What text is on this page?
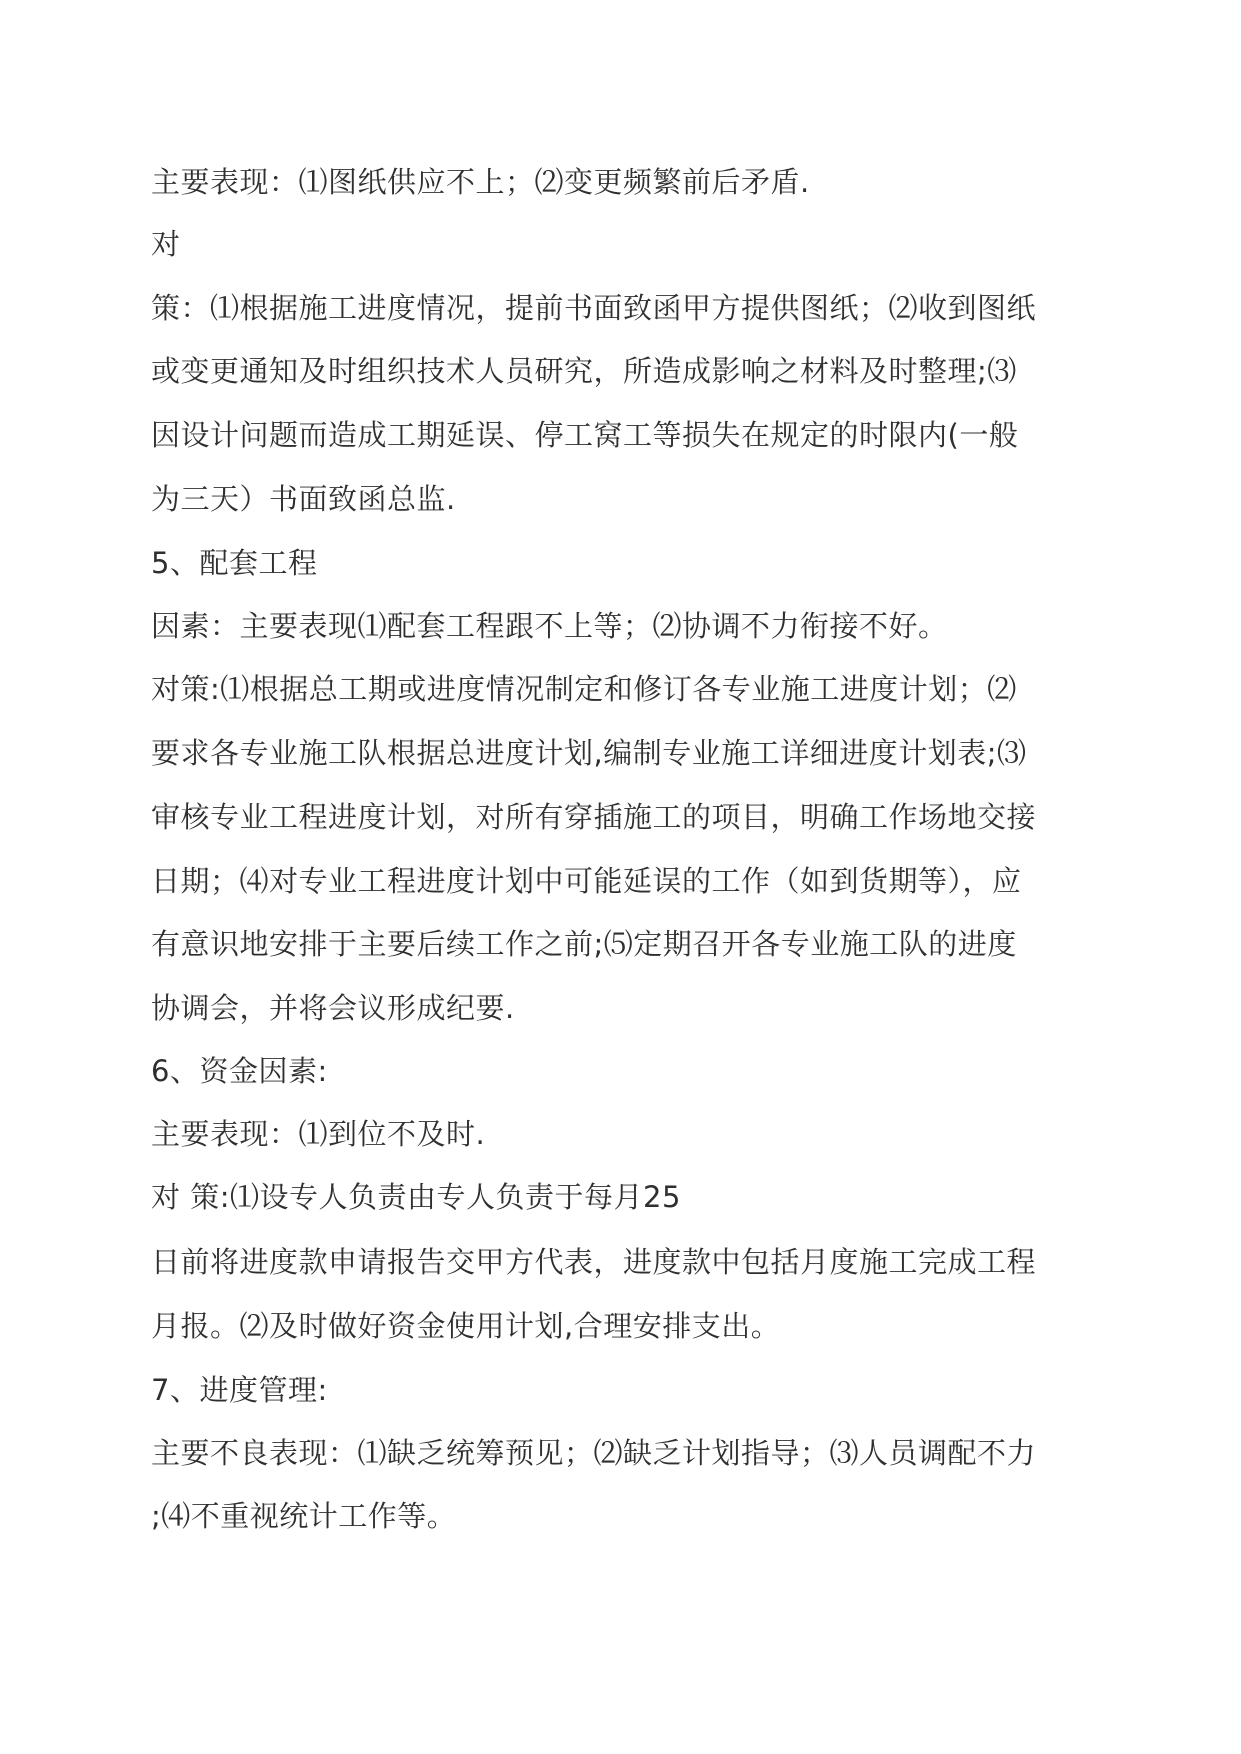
主要表现：⑴图纸供应不上；⑵变更频繁前后矛盾.
对
策：⑴根据施工进度情况，提前书面致函甲方提供图纸；⑵收到图纸
或变更通知及时组织技术人员研究，所造成影响之材料及时整理;⑶
因设计问题而造成工期延误、停工窝工等损失在规定的时限内(一般
为三天）书面致函总监.
5、配套工程
因素：主要表现⑴配套工程跟不上等；⑵协调不力衔接不好。
对策:⑴根据总工期或进度情况制定和修订各专业施工进度计划；⑵
要求各专业施工队根据总进度计划,编制专业施工详细进度计划表;⑶
审核专业工程进度计划，对所有穿插施工的项目，明确工作场地交接
日期；⑷对专业工程进度计划中可能延误的工作（如到货期等），应
有意识地安排于主要后续工作之前;⑸定期召开各专业施工队的进度
协调会，并将会议形成纪要.
6、资金因素:
主要表现：⑴到位不及时.
对 策:⑴设专人负责由专人负责于每月25
日前将进度款申请报告交甲方代表，进度款中包括月度施工完成工程
月报。⑵及时做好资金使用计划,合理安排支出。
7、进度管理:
主要不良表现：⑴缺乏统筹预见；⑵缺乏计划指导；⑶人员调配不力
;⑷不重视统计工作等。
